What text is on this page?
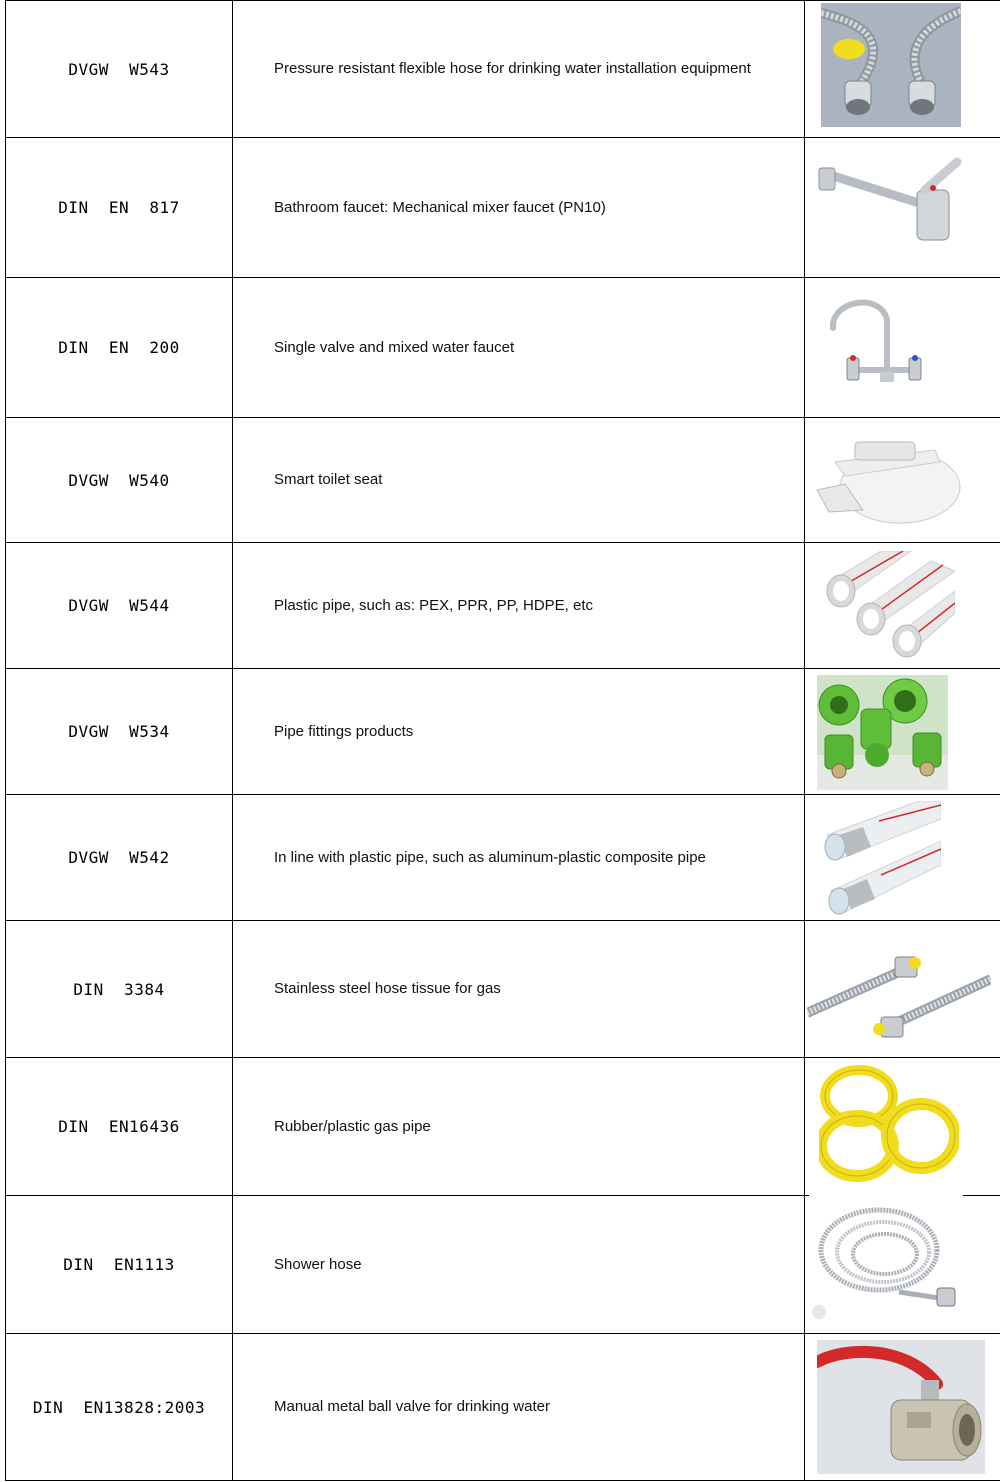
DVGW  W543	Pressure resistant flexible hose for drinking water installation equipment	

DIN  EN  817	Bathroom faucet: Mechanical mixer faucet (PN10)	

DIN  EN  200	Single valve and mixed water faucet	

DVGW  W540	Smart toilet seat	

DVGW  W544	Plastic pipe, such as: PEX, PPR, PP, HDPE, etc	

DVGW  W534	Pipe fittings products	

DVGW  W542	In line with plastic pipe, such as aluminum-plastic composite pipe	

DIN  3384	Stainless steel hose tissue for gas	

DIN  EN16436	Rubber/plastic gas pipe	

DIN  EN1113	Shower hose	

DIN  EN13828:2003	Manual metal ball valve for drinking water	
